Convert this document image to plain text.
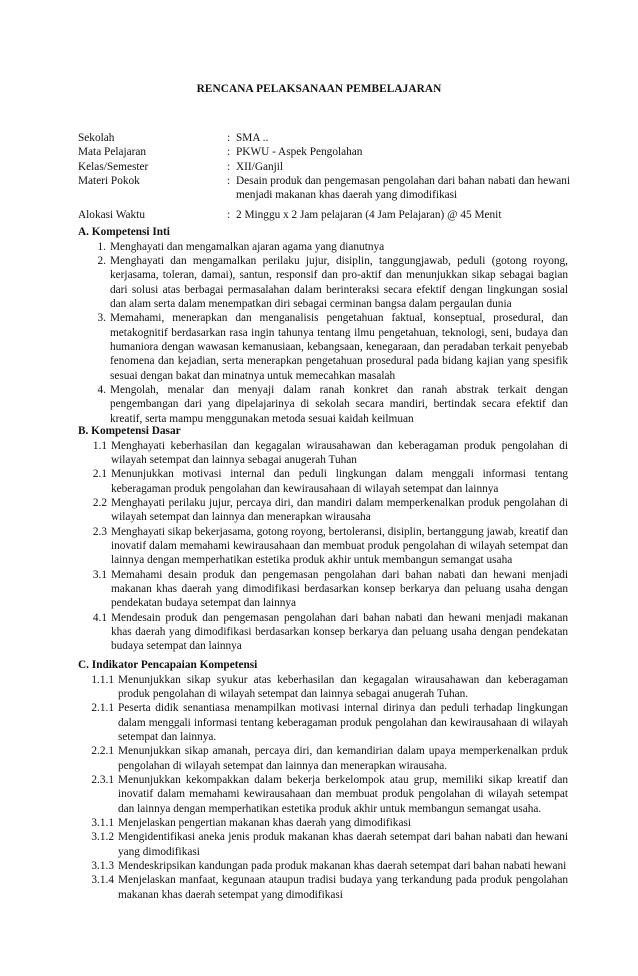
RENCANA PELAKSANAAN PEMBELAJARAN
Sekolah	: SMA ..
Mata Pelajaran	: PKWU - Aspek Pengolahan
Kelas/Semester	: XII/Ganjil
Materi Pokok	: Desain produk dan pengemasan pengolahan dari bahan nabati dan hewani menjadi makanan khas daerah yang dimodifikasi
Alokasi Waktu	: 2 Minggu x 2 Jam pelajaran (4 Jam Pelajaran) @ 45 Menit
A. Kompetensi Inti
1. Menghayati dan mengamalkan ajaran agama yang dianutnya
2. Menghayati dan mengamalkan perilaku jujur, disiplin, tanggungjawab, peduli (gotong royong, kerjasama, toleran, damai), santun, responsif dan pro-aktif dan menunjukkan sikap sebagai bagian dari solusi atas berbagai permasalahan dalam berinteraksi secara efektif dengan lingkungan sosial dan alam serta dalam menempatkan diri sebagai cerminan bangsa dalam pergaulan dunia
3. Memahami, menerapkan dan menganalisis pengetahuan faktual, konseptual, prosedural, dan metakognitif berdasarkan rasa ingin tahunya tentang ilmu pengetahuan, teknologi, seni, budaya dan humaniora dengan wawasan kemanusiaan, kebangsaan, kenegaraan, dan peradaban terkait penyebab fenomena dan kejadian, serta menerapkan pengetahuan prosedural pada bidang kajian yang spesifik sesuai dengan bakat dan minatnya untuk memecahkan masalah
4. Mengolah, menalar dan menyaji dalam ranah konkret dan ranah abstrak terkait dengan pengembangan dari yang dipelajarinya di sekolah secara mandiri, bertindak secara efektif dan kreatif, serta mampu menggunakan metoda sesuai kaidah keilmuan
B. Kompetensi Dasar
1.1 Menghayati keberhasilan dan kegagalan wirausahawan dan keberagaman produk pengolahan di wilayah setempat dan lainnya sebagai anugerah Tuhan
2.1 Menunjukkan motivasi internal dan peduli lingkungan dalam menggali informasi tentang keberagaman produk pengolahan dan kewirausahaan di wilayah setempat dan lainnya
2.2 Menghayati perilaku jujur, percaya diri, dan mandiri dalam memperkenalkan produk pengolahan di wilayah setempat dan lainnya dan menerapkan wirausaha
2.3 Menghayati sikap bekerjasama, gotong royong, bertoleransi, disiplin, bertanggung jawab, kreatif dan inovatif dalam memahami kewirausahaan dan membuat produk pengolahan di wilayah setempat dan lainnya dengan memperhatikan estetika produk akhir untuk membangun semangat usaha
3.1 Memahami desain produk dan pengemasan pengolahan dari bahan nabati dan hewani menjadi makanan khas daerah yang dimodifikasi berdasarkan konsep berkarya dan peluang usaha dengan pendekatan budaya setempat dan lainnya
4.1 Mendesain produk dan pengemasan pengolahan dari bahan nabati dan hewani menjadi makanan khas daerah yang dimodifikasi berdasarkan konsep berkarya dan peluang usaha dengan pendekatan budaya setempat dan lainnya
C. Indikator Pencapaian Kompetensi
1.1.1 Menunjukkan sikap syukur atas keberhasilan dan kegagalan wirausahawan dan keberagaman produk pengolahan di wilayah setempat dan lainnya sebagai anugerah Tuhan.
2.1.1 Peserta didik senantiasa menampilkan motivasi internal dirinya dan peduli terhadap lingkungan dalam menggali informasi tentang keberagaman produk pengolahan dan kewirausahaan di wilayah setempat dan lainnya.
2.2.1 Menunjukkan sikap amanah, percaya diri, dan kemandirian dalam upaya memperkenalkan prduk pengolahan di wilayah setempat dan lainnya dan menerapkan wirausaha.
2.3.1 Menunjukkan kekompakkan dalam bekerja berkelompok atau grup, memiliki sikap kreatif dan inovatif dalam memahami kewirausahaan dan membuat produk pengolahan di wilayah setempat dan lainnya dengan memperhatikan estetika produk akhir untuk membangun semangat usaha.
3.1.1 Menjelaskan pengertian makanan khas daerah yang dimodifikasi
3.1.2 Mengidentifikasi aneka jenis produk makanan khas daerah setempat dari bahan nabati dan hewani yang dimodifikasi
3.1.3 Mendeskripsikan kandungan pada produk makanan khas daerah setempat dari bahan nabati hewani
3.1.4 Menjelaskan manfaat, kegunaan ataupun tradisi budaya yang terkandung pada produk pengolahan makanan khas daerah setempat yang dimodifikasi
